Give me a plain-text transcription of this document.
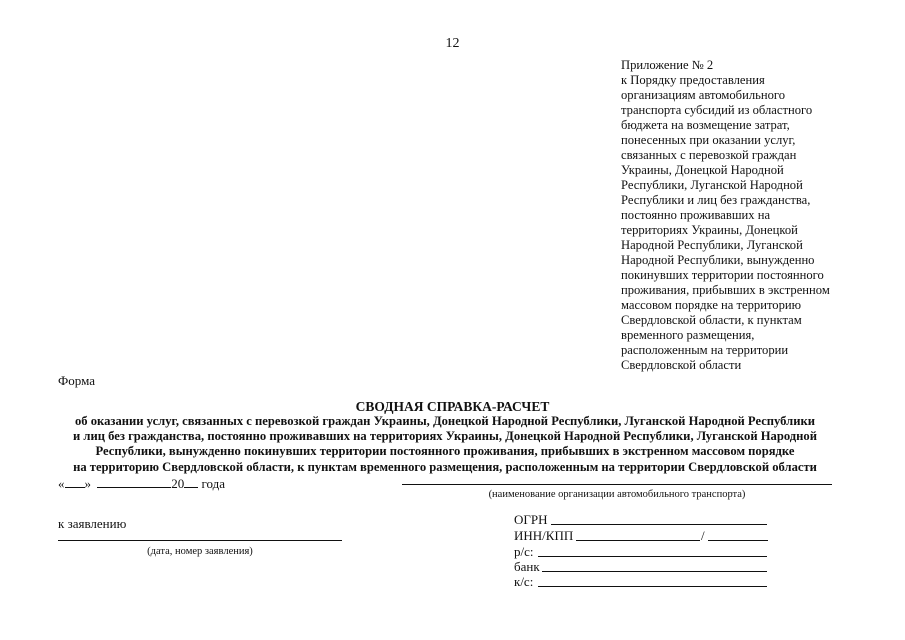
12
Приложение № 2
к Порядку предоставления
организациям автомобильного
транспорта субсидий из областного
бюджета на возмещение затрат,
понесенных при оказании услуг,
связанных с перевозкой граждан
Украины, Донецкой Народной
Республики, Луганской Народной
Республики и лиц без гражданства,
постоянно проживавших на
территориях Украины, Донецкой
Народной Республики, Луганской
Народной Республики, вынужденно
покинувших территории постоянного
проживания, прибывших в экстренном
массовом порядке на территорию
Свердловской области, к пунктам
временного размещения,
расположенным на территории
Свердловской области
Форма
СВОДНАЯ СПРАВКА-РАСЧЕТ
об оказании услуг, связанных с перевозкой граждан Украины, Донецкой Народной Республики, Луганской Народной Республики
и лиц без гражданства, постоянно проживавших на территориях Украины, Донецкой Народной Республики, Луганской Народной
Республики, вынужденно покинувших территории постоянного проживания, прибывших в экстренном массовом порядке
на территорию Свердловской области, к пунктам временного размещения, расположенным на территории Свердловской области
« »	20 года
(наименование организации автомобильного транспорта)
к заявлению
(дата, номер заявления)
ОГРН
ИНН/КПП	/
р/с:
банк
к/с:
